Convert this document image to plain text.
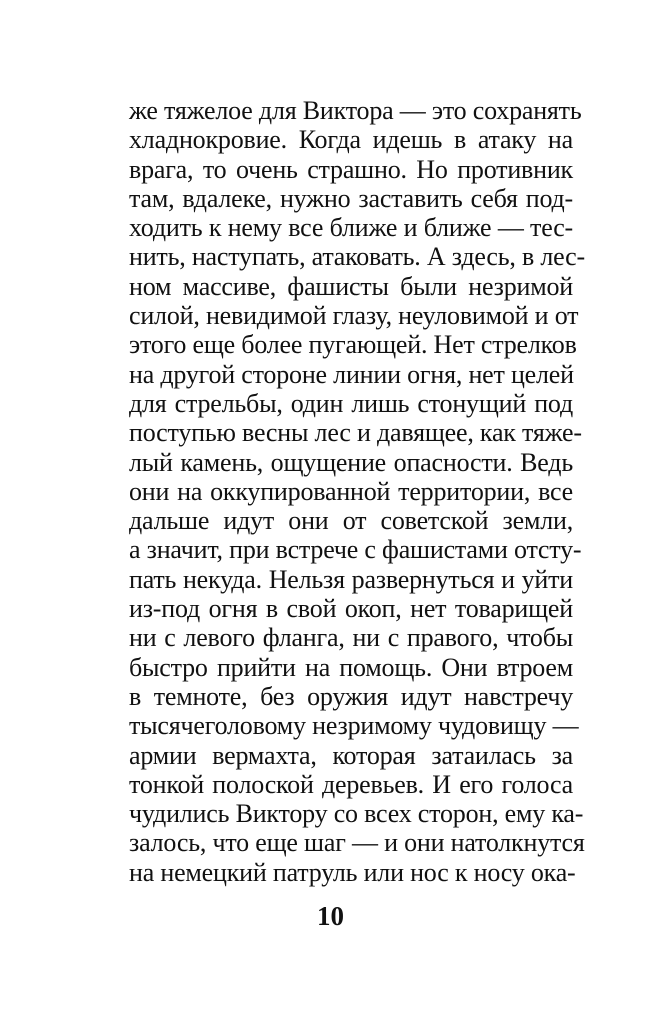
же тяжелое для Виктора — это сохранять
хладнокровие. Когда идешь в атаку на
врага, то очень страшно. Но противник
там, вдалеке, нужно заставить себя под-
ходить к нему все ближе и ближе — тес-
нить, наступать, атаковать. А здесь, в лес-
ном массиве, фашисты были незримой
силой, невидимой глазу, неуловимой и от
этого еще более пугающей. Нет стрелков
на другой стороне линии огня, нет целей
для стрельбы, один лишь стонущий под
поступью весны лес и давящее, как тяже-
лый камень, ощущение опасности. Ведь
они на оккупированной территории, все
дальше идут они от советской земли,
а значит, при встрече с фашистами отсту-
пать некуда. Нельзя развернуться и уйти
из-под огня в свой окоп, нет товарищей
ни с левого фланга, ни с правого, чтобы
быстро прийти на помощь. Они втроем
в темноте, без оружия идут навстречу
тысячеголовому незримому чудовищу —
армии вермахта, которая затаилась за
тонкой полоской деревьев. И его голоса
чудились Виктору со всех сторон, ему ка-
залось, что еще шаг — и они натолкнутся
на немецкий патруль или нос к носу ока-
10
